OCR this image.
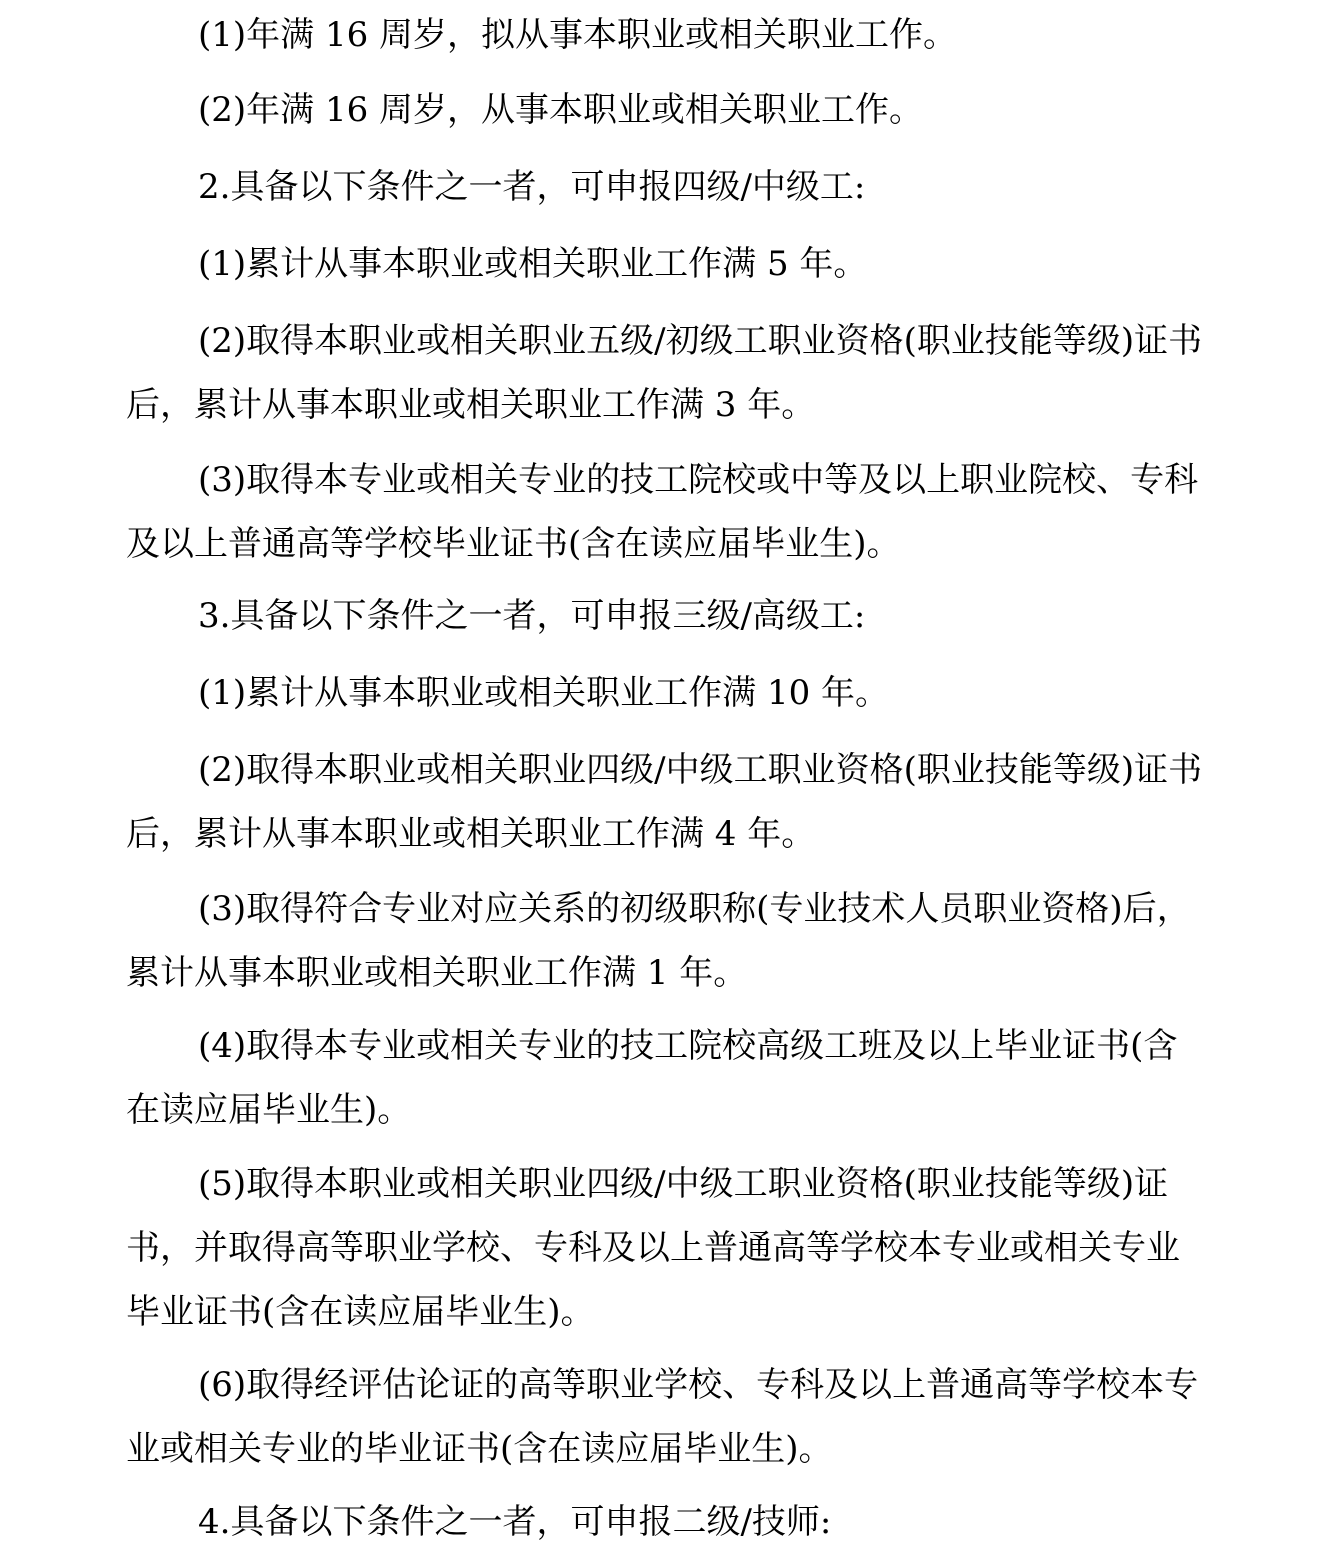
(1)年满 16 周岁，拟从事本职业或相关职业工作。

(2)年满 16 周岁，从事本职业或相关职业工作。

2.具备以下条件之一者，可申报四级/中级工:

(1)累计从事本职业或相关职业工作满 5 年。

(2)取得本职业或相关职业五级/初级工职业资格(职业技能等级)证书后，累计从事本职业或相关职业工作满 3 年。

(3)取得本专业或相关专业的技工院校或中等及以上职业院校、专科及以上普通高等学校毕业证书(含在读应届毕业生)。

3.具备以下条件之一者，可申报三级/高级工:

(1)累计从事本职业或相关职业工作满 10 年。

(2)取得本职业或相关职业四级/中级工职业资格(职业技能等级)证书后，累计从事本职业或相关职业工作满 4 年。

(3)取得符合专业对应关系的初级职称(专业技术人员职业资格)后，累计从事本职业或相关职业工作满 1 年。

(4)取得本专业或相关专业的技工院校高级工班及以上毕业证书(含在读应届毕业生)。

(5)取得本职业或相关职业四级/中级工职业资格(职业技能等级)证书，并取得高等职业学校、专科及以上普通高等学校本专业或相关专业毕业证书(含在读应届毕业生)。

(6)取得经评估论证的高等职业学校、专科及以上普通高等学校本专业或相关专业的毕业证书(含在读应届毕业生)。

4.具备以下条件之一者，可申报二级/技师:
